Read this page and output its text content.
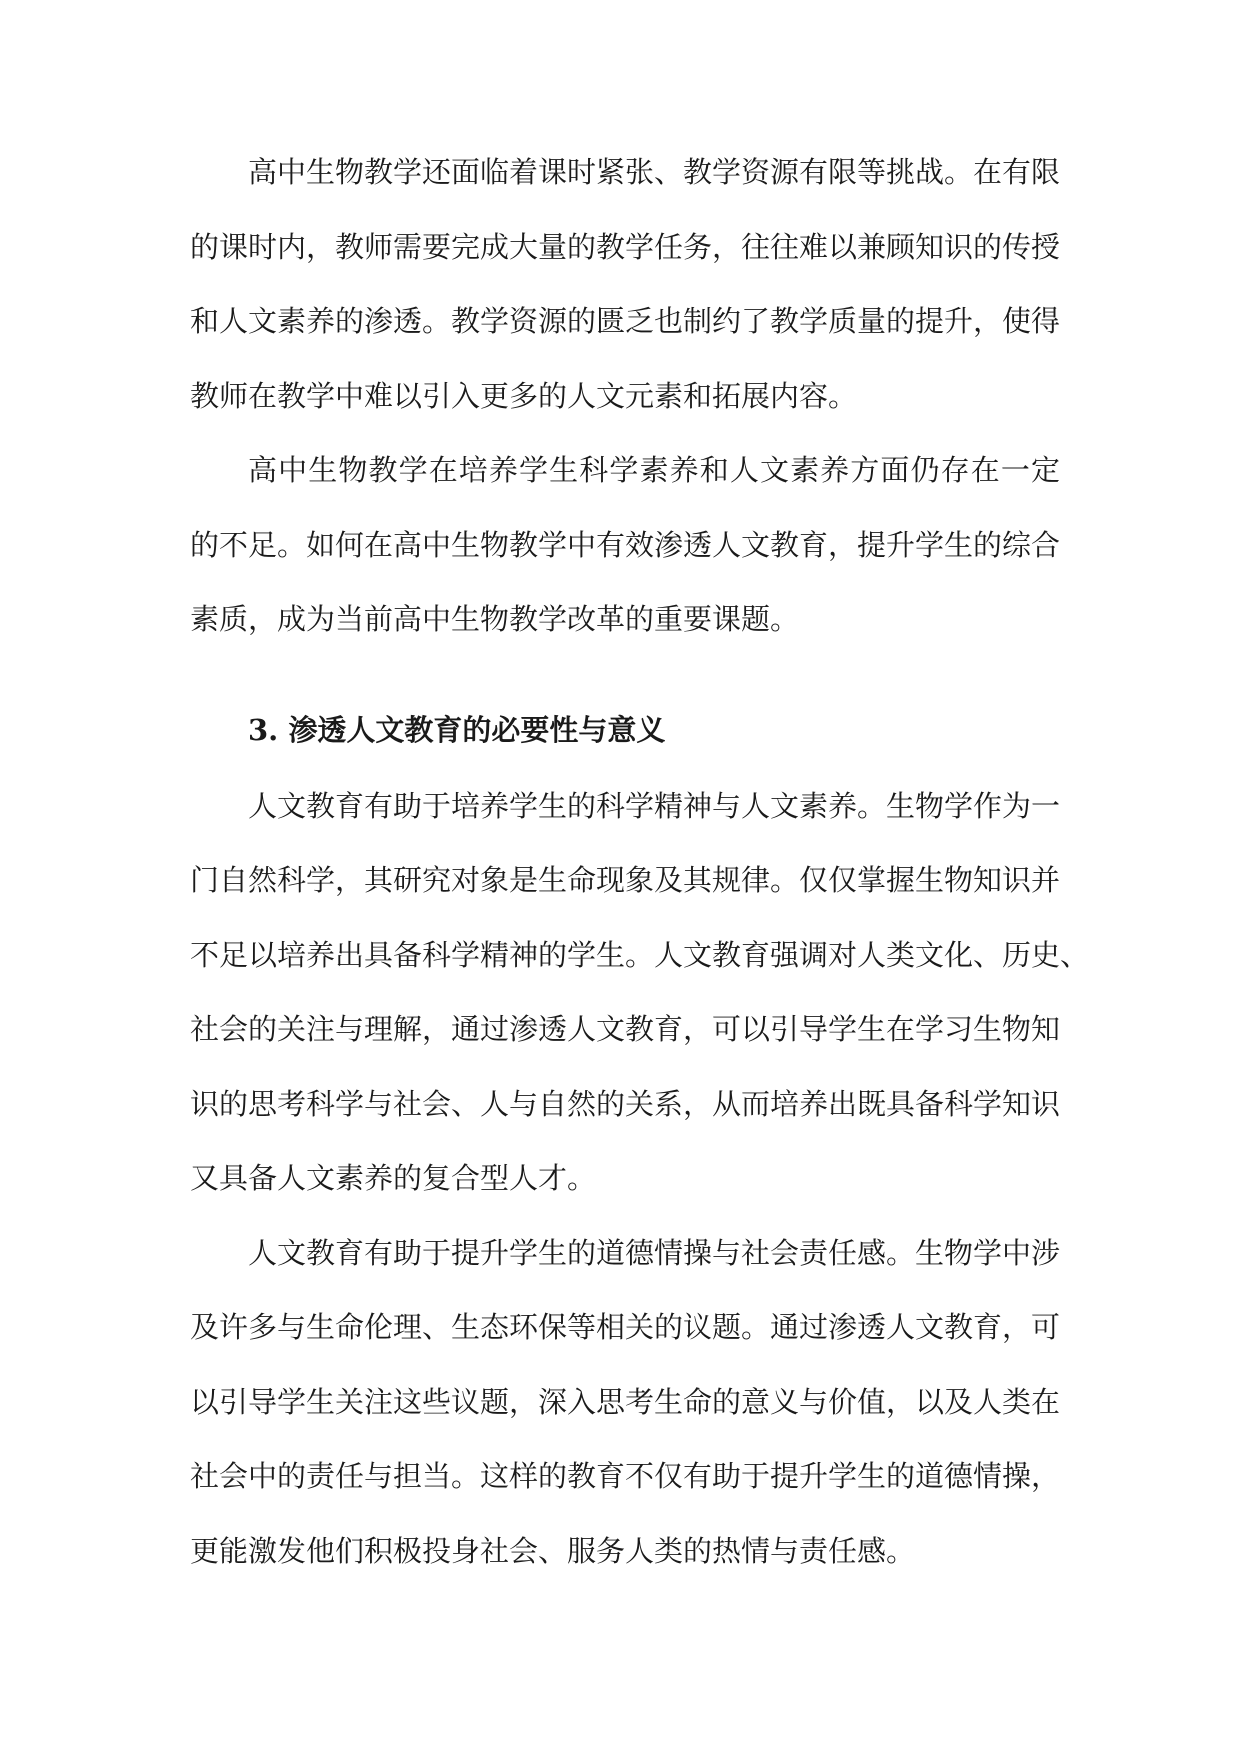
高中生物教学还面临着课时紧张、教学资源有限等挑战。在有限
的课时内，教师需要完成大量的教学任务，往往难以兼顾知识的传授
和人文素养的渗透。教学资源的匮乏也制约了教学质量的提升，使得
教师在教学中难以引入更多的人文元素和拓展内容。
高中生物教学在培养学生科学素养和人文素养方面仍存在一定
的不足。如何在高中生物教学中有效渗透人文教育，提升学生的综合
素质，成为当前高中生物教学改革的重要课题。
3. 渗透人文教育的必要性与意义
人文教育有助于培养学生的科学精神与人文素养。生物学作为一
门自然科学，其研究对象是生命现象及其规律。仅仅掌握生物知识并
不足以培养出具备科学精神的学生。人文教育强调对人类文化、历史、
社会的关注与理解，通过渗透人文教育，可以引导学生在学习生物知
识的思考科学与社会、人与自然的关系，从而培养出既具备科学知识
又具备人文素养的复合型人才。
人文教育有助于提升学生的道德情操与社会责任感。生物学中涉
及许多与生命伦理、生态环保等相关的议题。通过渗透人文教育，可
以引导学生关注这些议题，深入思考生命的意义与价值，以及人类在
社会中的责任与担当。这样的教育不仅有助于提升学生的道德情操，
更能激发他们积极投身社会、服务人类的热情与责任感。
